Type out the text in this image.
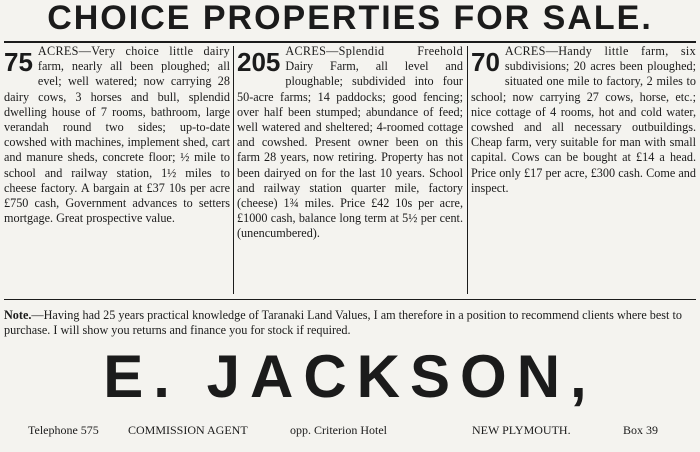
CHOICE PROPERTIES FOR SALE.
75 ACRES—Very choice little dairy farm, nearly all been ploughed; all evel; well watered; now carrying 28 dairy cows, 3 horses and bull, splendid dwelling house of 7 rooms, bathroom, large verandah round two sides; up-to-date cowshed with machines, implement shed, cart and manure sheds, concrete floor; ½ mile to school and railway station, 1½ miles to cheese factory. A bargain at £37 10s per acre £750 cash, Government advances to setters mortgage. Great prospective value.
205 ACRES—Splendid Freehold Dairy Farm, all level and ploughable; subdivided into four 50-acre farms; 14 paddocks; good fencing; over half been stumped; abundance of feed; well watered and sheltered; 4-roomed cottage and cowshed. Present owner been on this farm 28 years, now retiring. Property has not been dairyed on for the last 10 years. School and railway station quarter mile, factory (cheese) 1¾ miles. Price £42 10s per acre, £1000 cash, balance long term at 5½ per cent. (unencumbered).
70 ACRES—Handy little farm, six subdivisions; 20 acres been ploughed; situated one mile to factory, 2 miles to school; now carrying 27 cows, horse, etc.; nice cottage of 4 rooms, hot and cold water, cowshed and all necessary outbuildings. Cheap farm, very suitable for man with small capital. Cows can be bought at £14 a head. Price only £17 per acre, £300 cash. Come and inspect.
Note.—Having had 25 years practical knowledge of Taranaki Land Values, I am therefore in a position to recommend clients where best to purchase. I will show you returns and finance you for stock if required.
E. JACKSON,
Telephone 575 COMMISSION AGENT	opp. Criterion Hotel	NEW PLYMOUTH.	Box 39
